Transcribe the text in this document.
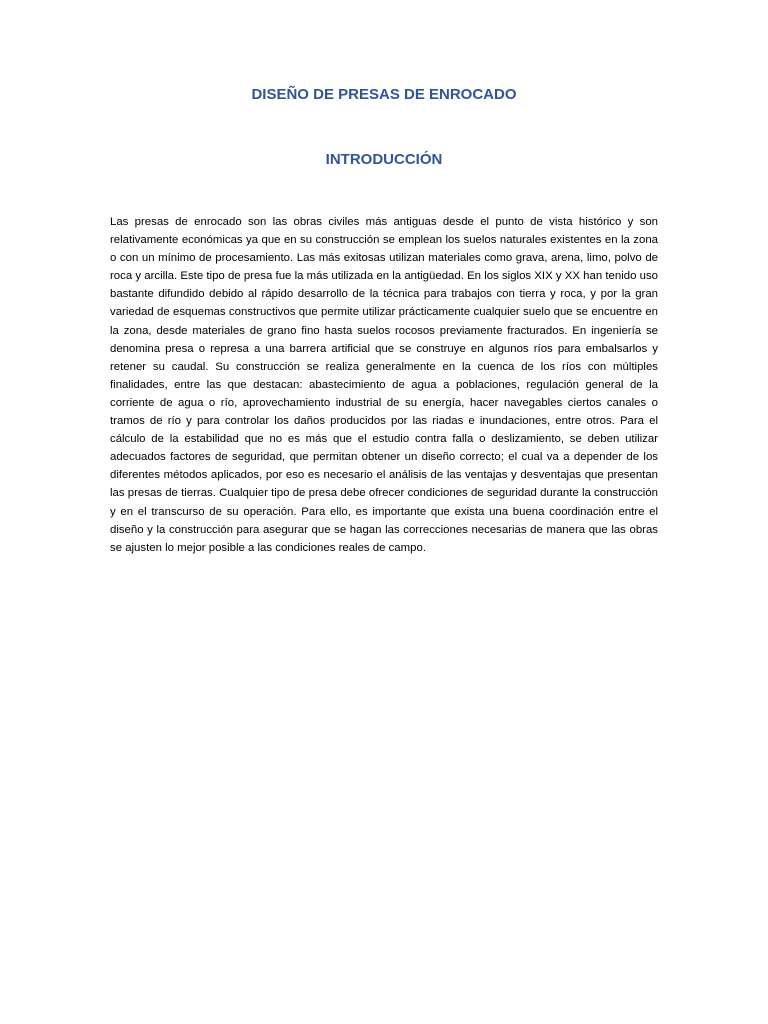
DISEÑO DE PRESAS DE ENROCADO
INTRODUCCIÓN

Las presas de enrocado son las obras civiles más antiguas desde el punto de vista histórico y son relativamente económicas ya que en su construcción se emplean los suelos naturales existentes en la zona o con un mínimo de procesamiento. Las más exitosas utilizan materiales como grava, arena, limo, polvo de roca y arcilla. Este tipo de presa fue la más utilizada en la antigüedad. En los siglos XIX y XX han tenido uso bastante difundido debido al rápido desarrollo de la técnica para trabajos con tierra y roca, y por la gran variedad de esquemas constructivos que permite utilizar prácticamente cualquier suelo que se encuentre en la zona, desde materiales de grano fino hasta suelos rocosos previamente fracturados. En ingeniería se denomina presa o represa a una barrera artificial que se construye en algunos ríos para embalsarlos y retener su caudal. Su construcción se realiza generalmente en la cuenca de los ríos con múltiples finalidades, entre las que destacan: abastecimiento de agua a poblaciones, regulación general de la corriente de agua o río, aprovechamiento industrial de su energía, hacer navegables ciertos canales o tramos de río y para controlar los daños producidos por las riadas e inundaciones, entre otros. Para el cálculo de la estabilidad que no es más que el estudio contra falla o deslizamiento, se deben utilizar adecuados factores de seguridad, que permitan obtener un diseño correcto; el cual va a depender de los diferentes métodos aplicados, por eso es necesario el análisis de las ventajas y desventajas que presentan las presas de tierras. Cualquier tipo de presa debe ofrecer condiciones de seguridad durante la construcción y en el transcurso de su operación. Para ello, es importante que exista una buena coordinación entre el diseño y la construcción para asegurar que se hagan las correcciones necesarias de manera que las obras se ajusten lo mejor posible a las condiciones reales de campo.
